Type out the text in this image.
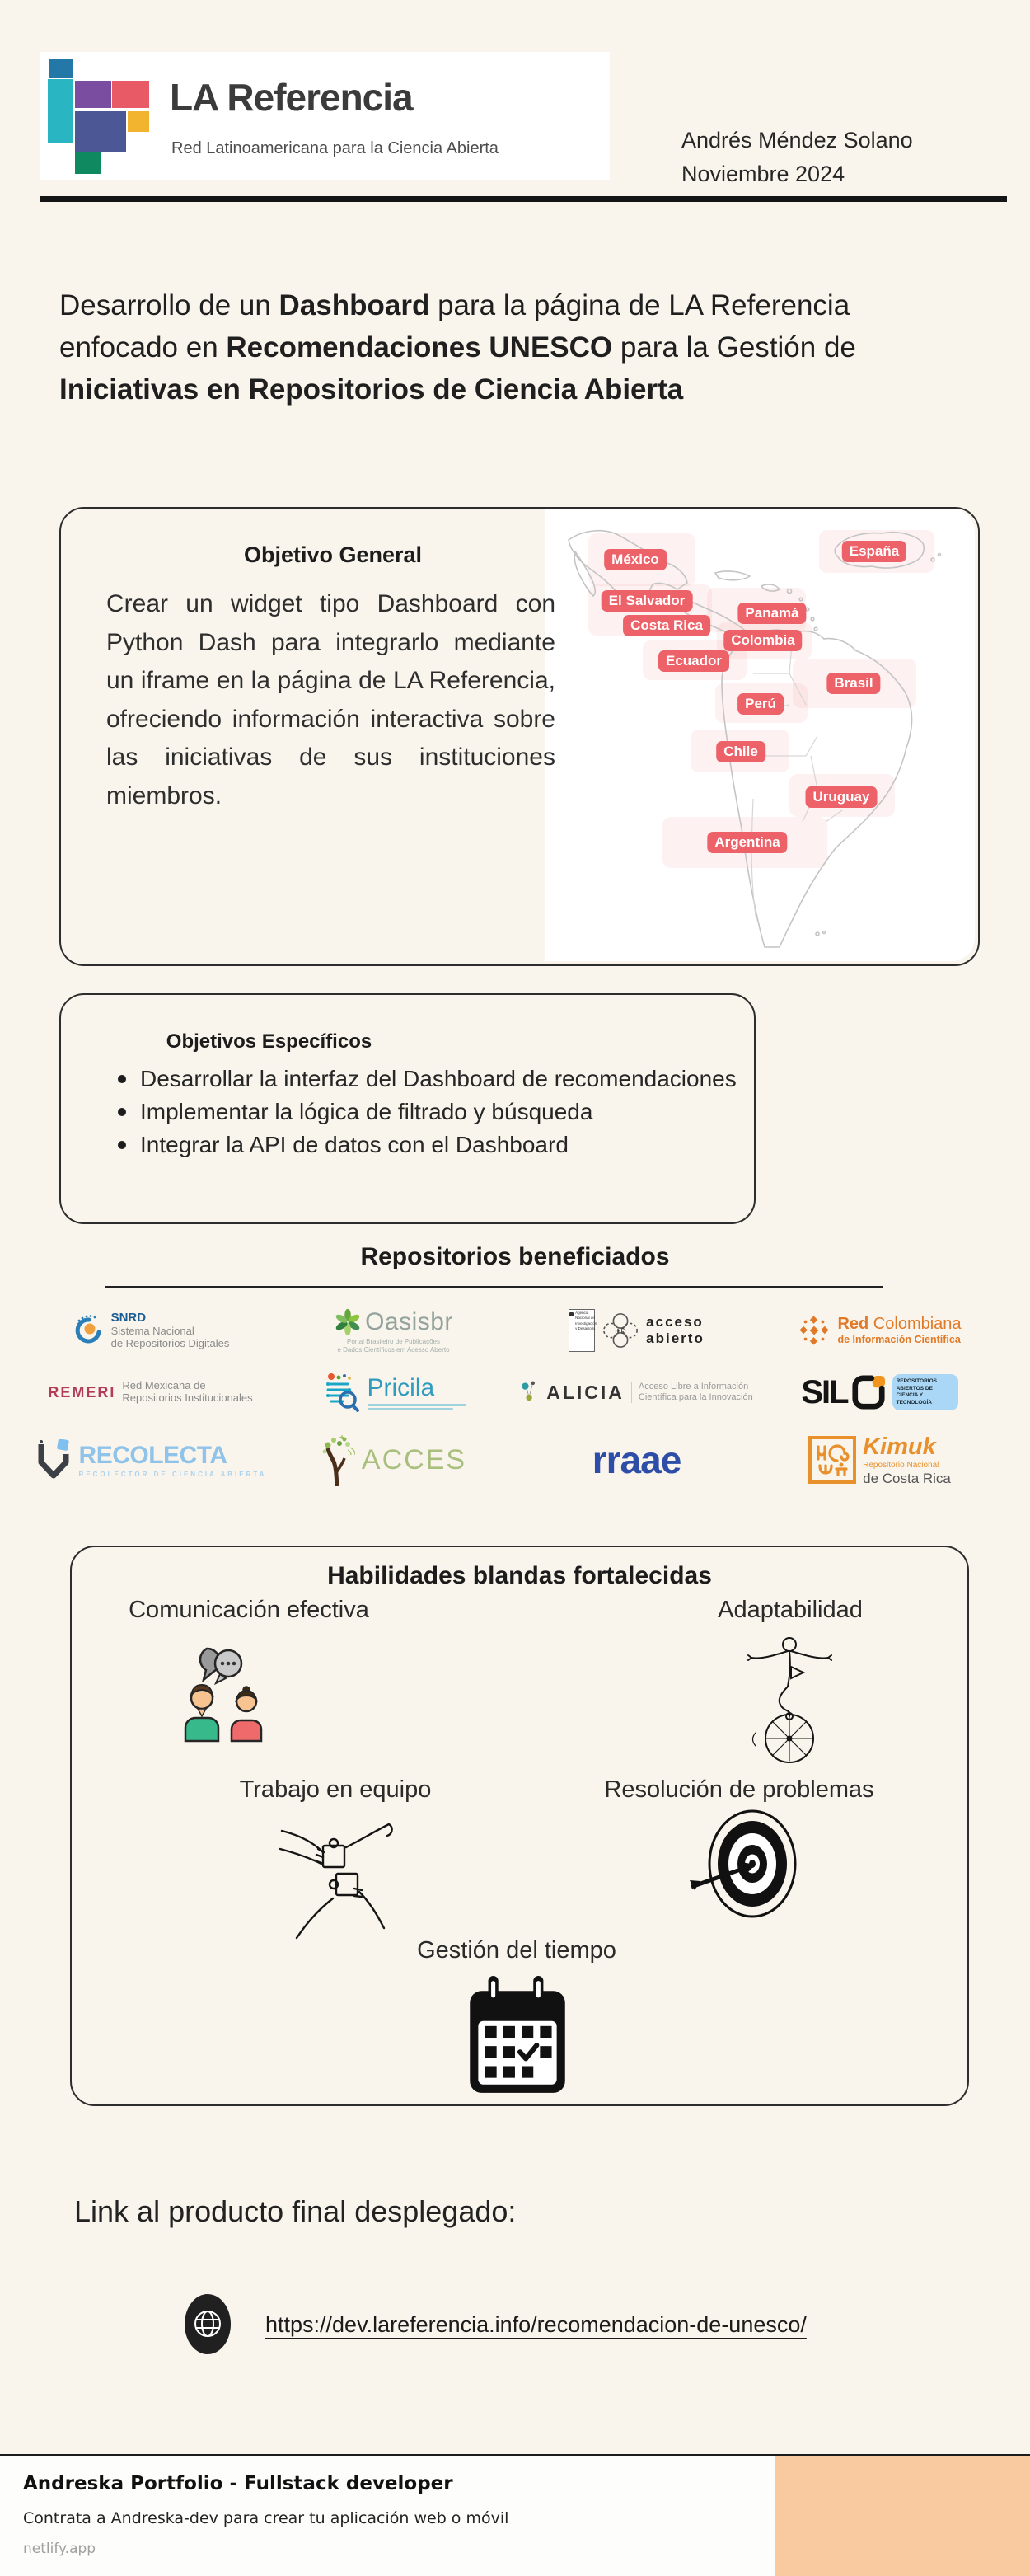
LA Referencia
Red Latinoamericana para la Ciencia Abierta	Andrés Méndez Solano
Noviembre 2024
Desarrollo de un Dashboard para la página de LA Referencia enfocado en Recomendaciones UNESCO para la Gestión de Iniciativas en Repositorios de Ciencia Abierta
México
España
El Salvador
Panamá
Costa Rica
Colombia
Ecuador
Brasil
Perú
Chile
Uruguay
Argentina
Objetivo General
Crear un widget tipo Dashboard con Python Dash para integrarlo mediante un iframe en la página de LA Referencia, ofreciendo información interactiva sobre las iniciativas de sus instituciones miembros.
Objetivos Específicos
Desarrollar la interfaz del Dashboard de recomendaciones
Implementar la lógica de filtrado y búsqueda
Integrar la API de datos con el Dashboard
Repositorios beneficiados
SNRD
Sistema Nacional
de Repositorios Digitales
Oasisbr
Portal Brasileiro de Publicações
e Dados Científicos em Acesso Aberto
Agencia
Nacional de
Investigación
y Desarrollo	i+D
acceso
abierto
Red Colombiana
de Información Científica
REMERI Red Mexicana de
Repositorios Institucionales	Pricila	ALICIA Acceso Libre a Información
Científica para la Innovación SIL	REPOSITORIOS
ABIERTOS DE CIENCIA Y
TECNOLOGÍA
RECOLECTA
RECOLECTOR DE CIENCIA ABIERTA	ACCES	rraae	Kimuk
Repositorio Nacional
de Costa Rica
Habilidades blandas fortalecidas
Comunicación efectiva	Adaptabilidad
Trabajo en equipo	Resolución de problemas
Gestión del tiempo
Link al producto final desplegado:
https://dev.lareferencia.info/recomendacion-de-unesco/
Andreska Portfolio - Fullstack developer
Contrata a Andreska-dev para crear tu aplicación web o móvil
netlify.app
